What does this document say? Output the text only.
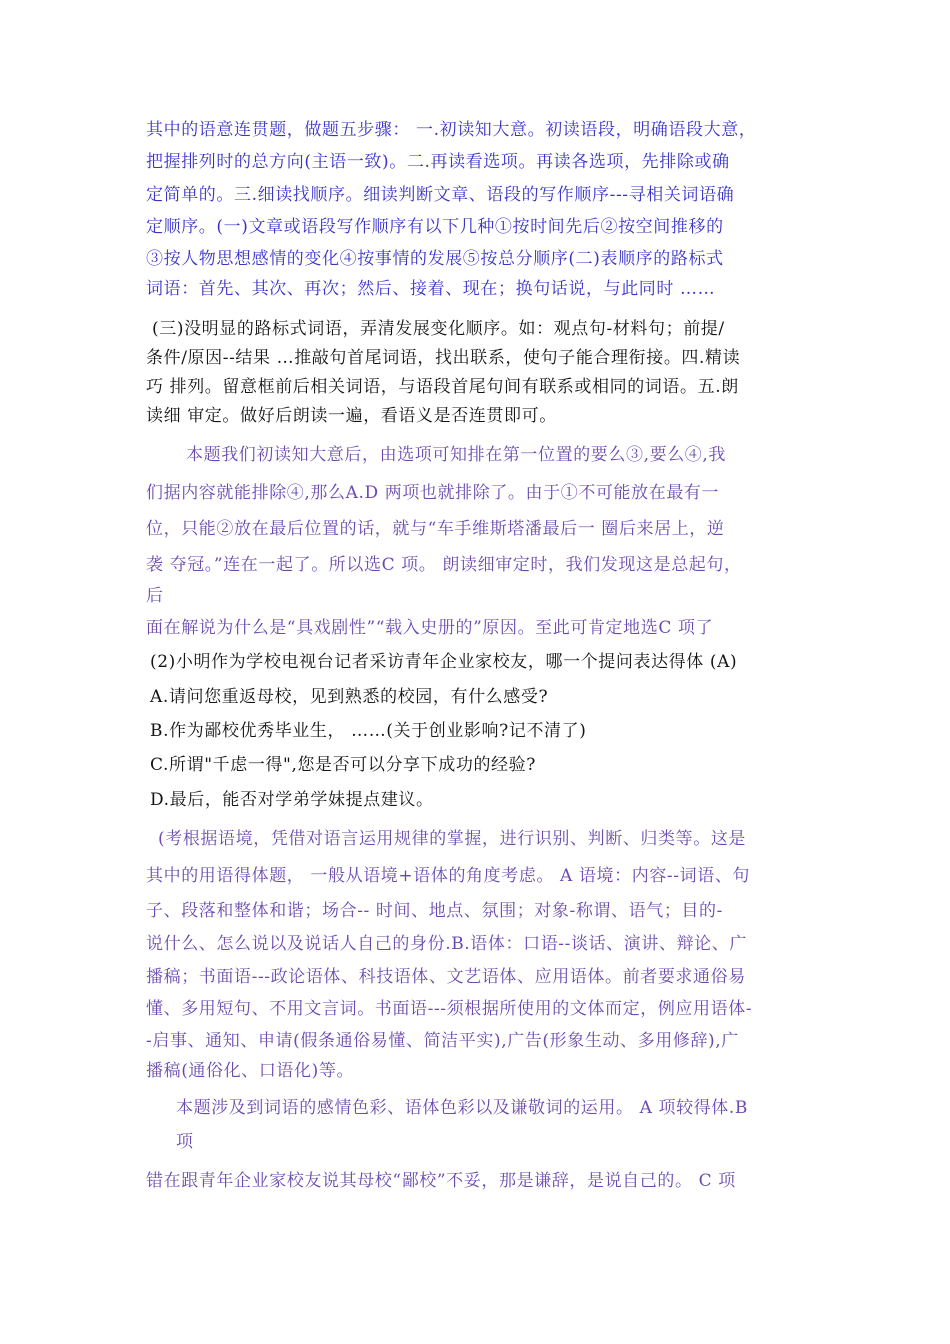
其中的语意连贯题，做题五步骤： 一.初读知大意。初读语段，明确语段大意，
把握排列时的总方向(主语一致)。二.再读看选项。再读各选项，先排除或确
定简单的。三.细读找顺序。细读判断文章、语段的写作顺序---寻相关词语确
定顺序。(一)文章或语段写作顺序有以下几种①按时间先后②按空间推移的
③按人物思想感情的变化④按事情的发展⑤按总分顺序(二)表顺序的路标式
词语：首先、其次、再次；然后、接着、现在；换句话说，与此同时 ……
(三)没明显的路标式词语，弄清发展变化顺序。如：观点句-材料句；前提/
条件/原因--结果 …推敲句首尾词语，找出联系，使句子能合理衔接。四.精读
巧 排列。留意框前后相关词语，与语段首尾句间有联系或相同的词语。五.朗
读细 审定。做好后朗读一遍，看语义是否连贯即可。
本题我们初读知大意后，由选项可知排在第一位置的要么③,要么④,我
们据内容就能排除④,那么A.D 两项也就排除了。由于①不可能放在最有一
位，只能②放在最后位置的话，就与“车手维斯塔潘最后一 圈后来居上，逆
袭 夺冠。”连在一起了。所以选C 项。 朗读细审定时，我们发现这是总起句，
后
面在解说为什么是“具戏剧性”“载入史册的”原因。至此可肯定地选C 项了
(2)小明作为学校电视台记者采访青年企业家校友，哪一个提问表达得体 (A)
A.请问您重返母校，见到熟悉的校园，有什么感受?
B.作为鄙校优秀毕业生， ……(关于创业影响?记不清了)
C.所谓"千虑一得",您是否可以分享下成功的经验?
D.最后，能否对学弟学妹提点建议。
(考根据语境，凭借对语言运用规律的掌握，进行识别、判断、归类等。这是
其中的用语得体题， 一般从语境+语体的角度考虑。 A 语境：内容--词语、句
子、段落和整体和谐；场合-- 时间、地点、氛围；对象-称谓、语气；目的-
说什么、怎么说以及说话人自己的身份.B.语体：口语--谈话、演讲、辩论、广
播稿；书面语---政论语体、科技语体、文艺语体、应用语体。前者要求通俗易
懂、多用短句、不用文言词。书面语---须根据所使用的文体而定，例应用语体-
-启事、通知、申请(假条通俗易懂、简洁平实),广告(形象生动、多用修辞),广
播稿(通俗化、口语化)等。
本题涉及到词语的感情色彩、语体色彩以及谦敬词的运用。 A 项较得体.B
项
错在跟青年企业家校友说其母校“鄙校”不妥，那是谦辞，是说自己的。 C 项
